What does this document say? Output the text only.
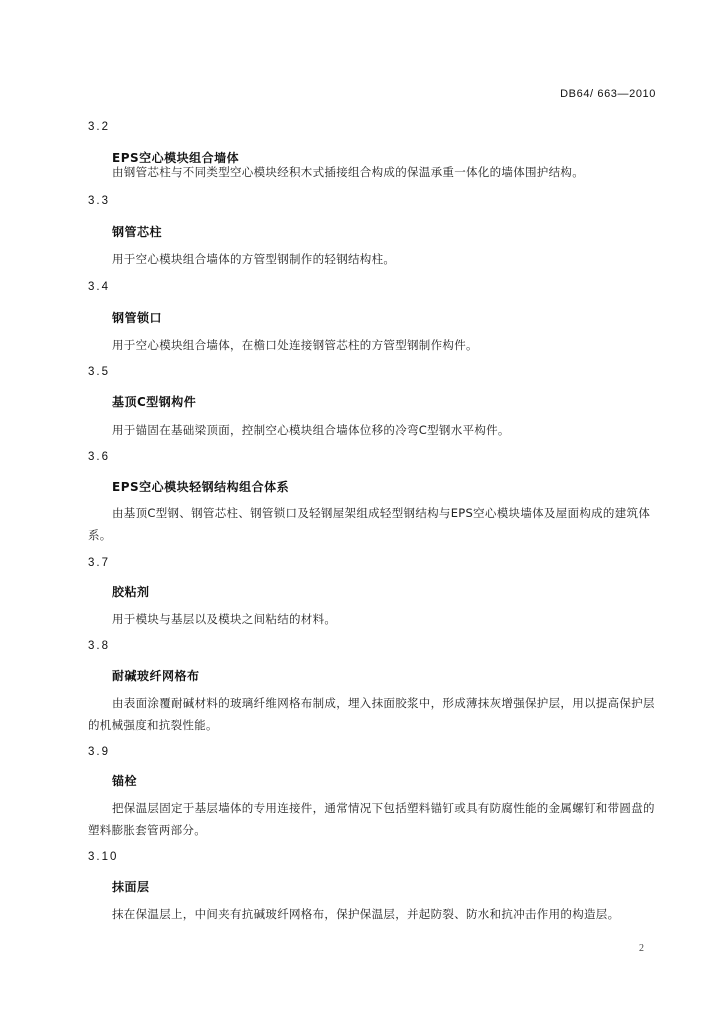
DB64/ 663—2010
3.2
EPS空心模块组合墙体
由钢管芯柱与不同类型空心模块经积木式插接组合构成的保温承重一体化的墙体围护结构。
3.3
钢管芯柱
用于空心模块组合墙体的方管型钢制作的轻钢结构柱。
3.4
钢管锁口
用于空心模块组合墙体，在檐口处连接钢管芯柱的方管型钢制作构件。
3.5
基顶C型钢构件
用于锚固在基础梁顶面，控制空心模块组合墙体位移的冷弯C型钢水平构件。
3.6
EPS空心模块轻钢结构组合体系
由基顶C型钢、钢管芯柱、钢管锁口及轻钢屋架组成轻型钢结构与EPS空心模块墙体及屋面构成的建筑体系。
3.7
胶粘剂
用于模块与基层以及模块之间粘结的材料。
3.8
耐碱玻纤网格布
由表面涂覆耐碱材料的玻璃纤维网格布制成，埋入抹面胶浆中，形成薄抹灰增强保护层，用以提高保护层的机械强度和抗裂性能。
3.9
锚栓
把保温层固定于基层墙体的专用连接件，通常情况下包括塑料锚钉或具有防腐性能的金属螺钉和带圆盘的塑料膨胀套管两部分。
3.10
抹面层
抹在保温层上，中间夹有抗碱玻纤网格布，保护保温层，并起防裂、防水和抗冲击作用的构造层。
2
